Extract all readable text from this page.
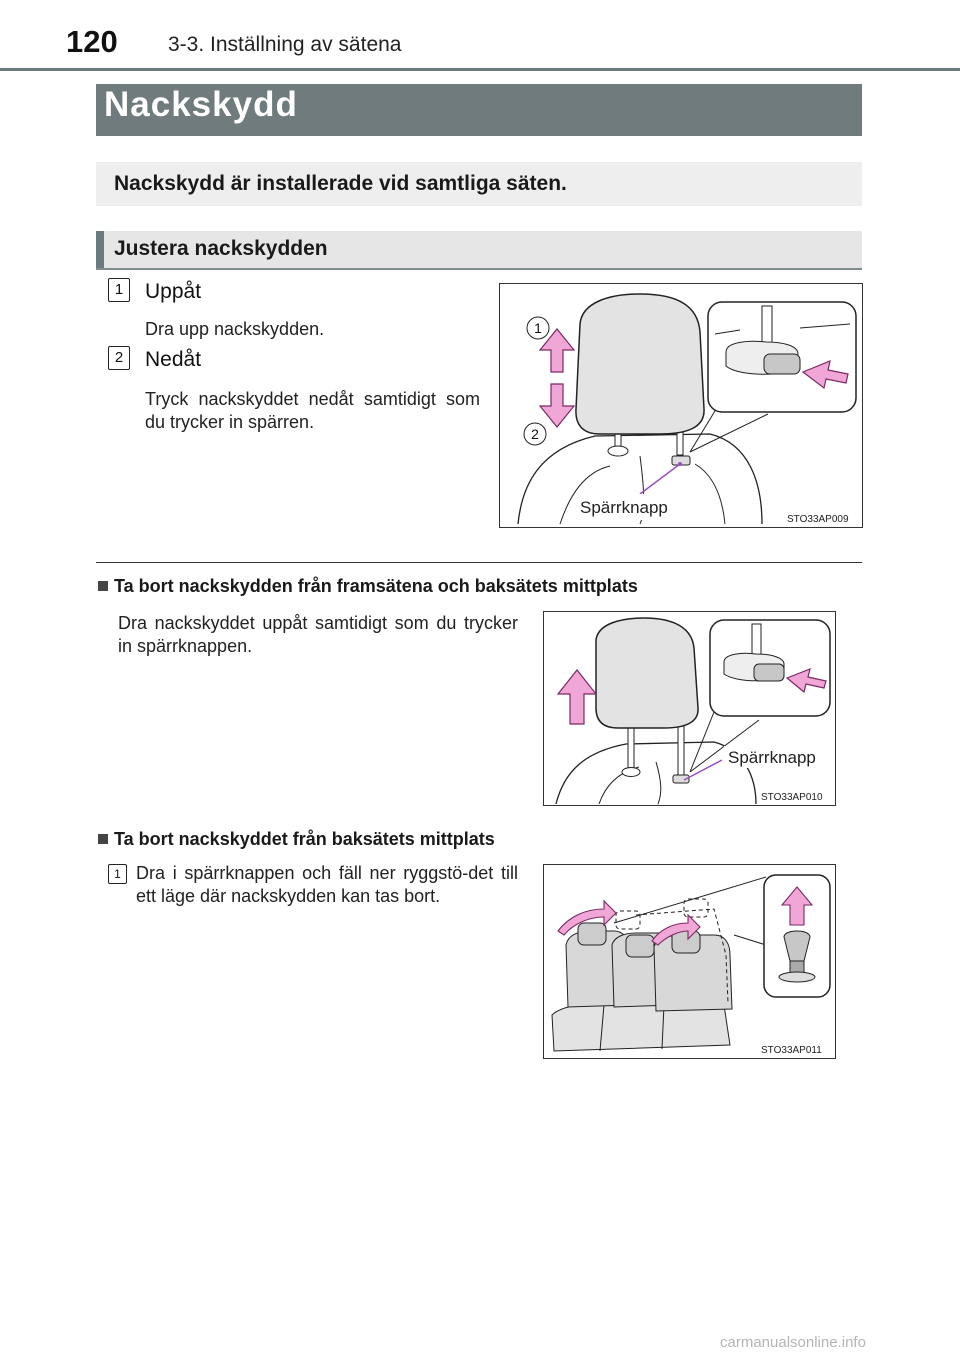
120 3-3. Inställning av sätena
Nackskydd
Nackskydd är installerade vid samtliga säten.
Justera nackskydden
1	Uppåt
Dra upp nackskydden.
2	Nedåt
Tryck nackskyddet nedåt samtidigt som du trycker in spärren.
1
2
Spärrknapp
STO33AP009
Ta bort nackskydden från framsätena och baksätets mittplats
Dra nackskyddet uppåt samtidigt som du trycker in spärrknappen.
Spärrknapp
STO33AP010
Ta bort nackskyddet från baksätets mittplats
1 Dra i spärrknappen och fäll ner ryggstö-det till ett läge där nackskydden kan tas bort.
STO33AP011
carmanualsonline.info
